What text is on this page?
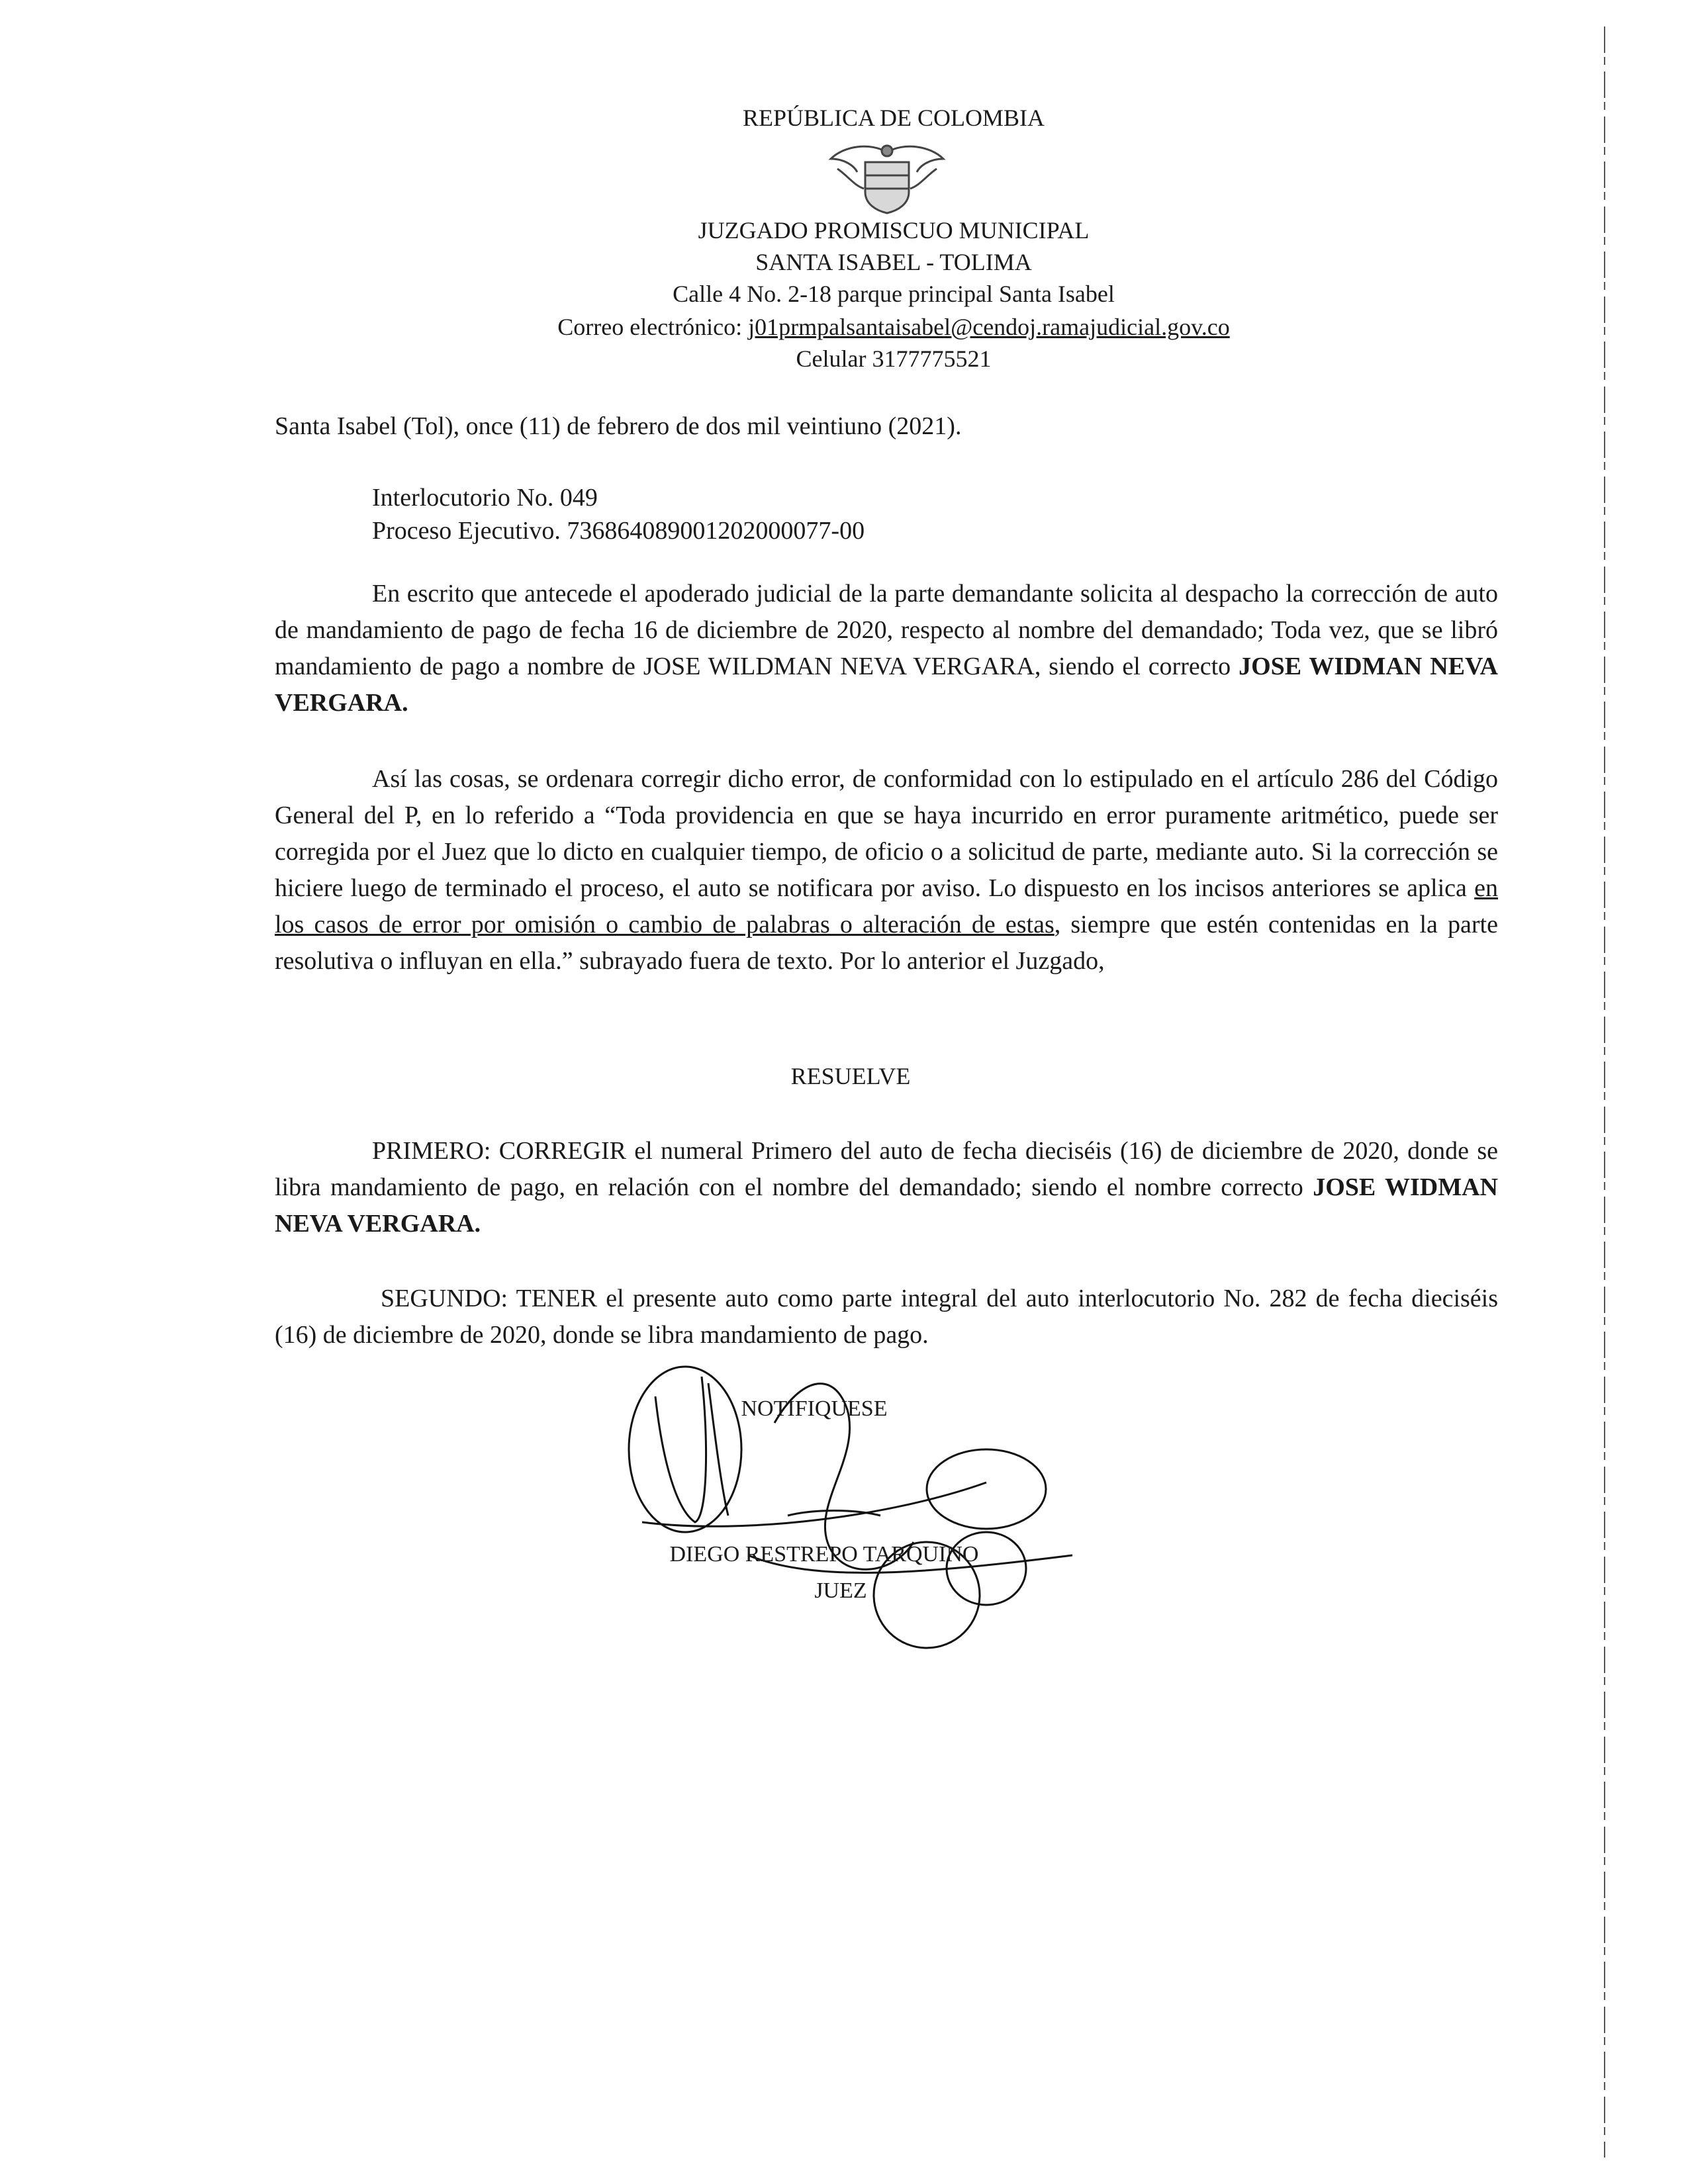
REPÚBLICA DE COLOMBIA
JUZGADO PROMISCUO MUNICIPAL
SANTA ISABEL - TOLIMA
Calle 4 No. 2-18 parque principal Santa Isabel
Correo electrónico: j01prmpalsantaisabel@cendoj.ramajudicial.gov.co
Celular 3177775521
Santa Isabel (Tol), once (11) de febrero de dos mil veintiuno (2021).
Interlocutorio No. 049
Proceso Ejecutivo. 736864089001202000077-00

En escrito que antecede el apoderado judicial de la parte demandante solicita al despacho la corrección de auto de mandamiento de pago de fecha 16 de diciembre de 2020, respecto al nombre del demandado; Toda vez, que se libró mandamiento de pago a nombre de JOSE WILDMAN NEVA VERGARA, siendo el correcto JOSE WIDMAN NEVA VERGARA.

Así las cosas, se ordenara corregir dicho error, de conformidad con lo estipulado en el artículo 286 del Código General del P, en lo referido a “Toda providencia en que se haya incurrido en error puramente aritmético, puede ser corregida por el Juez que lo dicto en cualquier tiempo, de oficio o a solicitud de parte, mediante auto. Si la corrección se hiciere luego de terminado el proceso, el auto se notificara por aviso. Lo dispuesto en los incisos anteriores se aplica en los casos de error por omisión o cambio de palabras o alteración de estas, siempre que estén contenidas en la parte resolutiva o influyan en ella.” subrayado fuera de texto. Por lo anterior el Juzgado,

RESUELVE

PRIMERO: CORREGIR el numeral Primero del auto de fecha dieciséis (16) de diciembre de 2020, donde se libra mandamiento de pago, en relación con el nombre del demandado; siendo el nombre correcto JOSE WIDMAN NEVA VERGARA.

SEGUNDO: TENER el presente auto como parte integral del auto interlocutorio No. 282 de fecha dieciséis (16) de diciembre de 2020, donde se libra mandamiento de pago.

NOTIFIQUESE
DIEGO RESTREPO TARQUINO
JUEZ
